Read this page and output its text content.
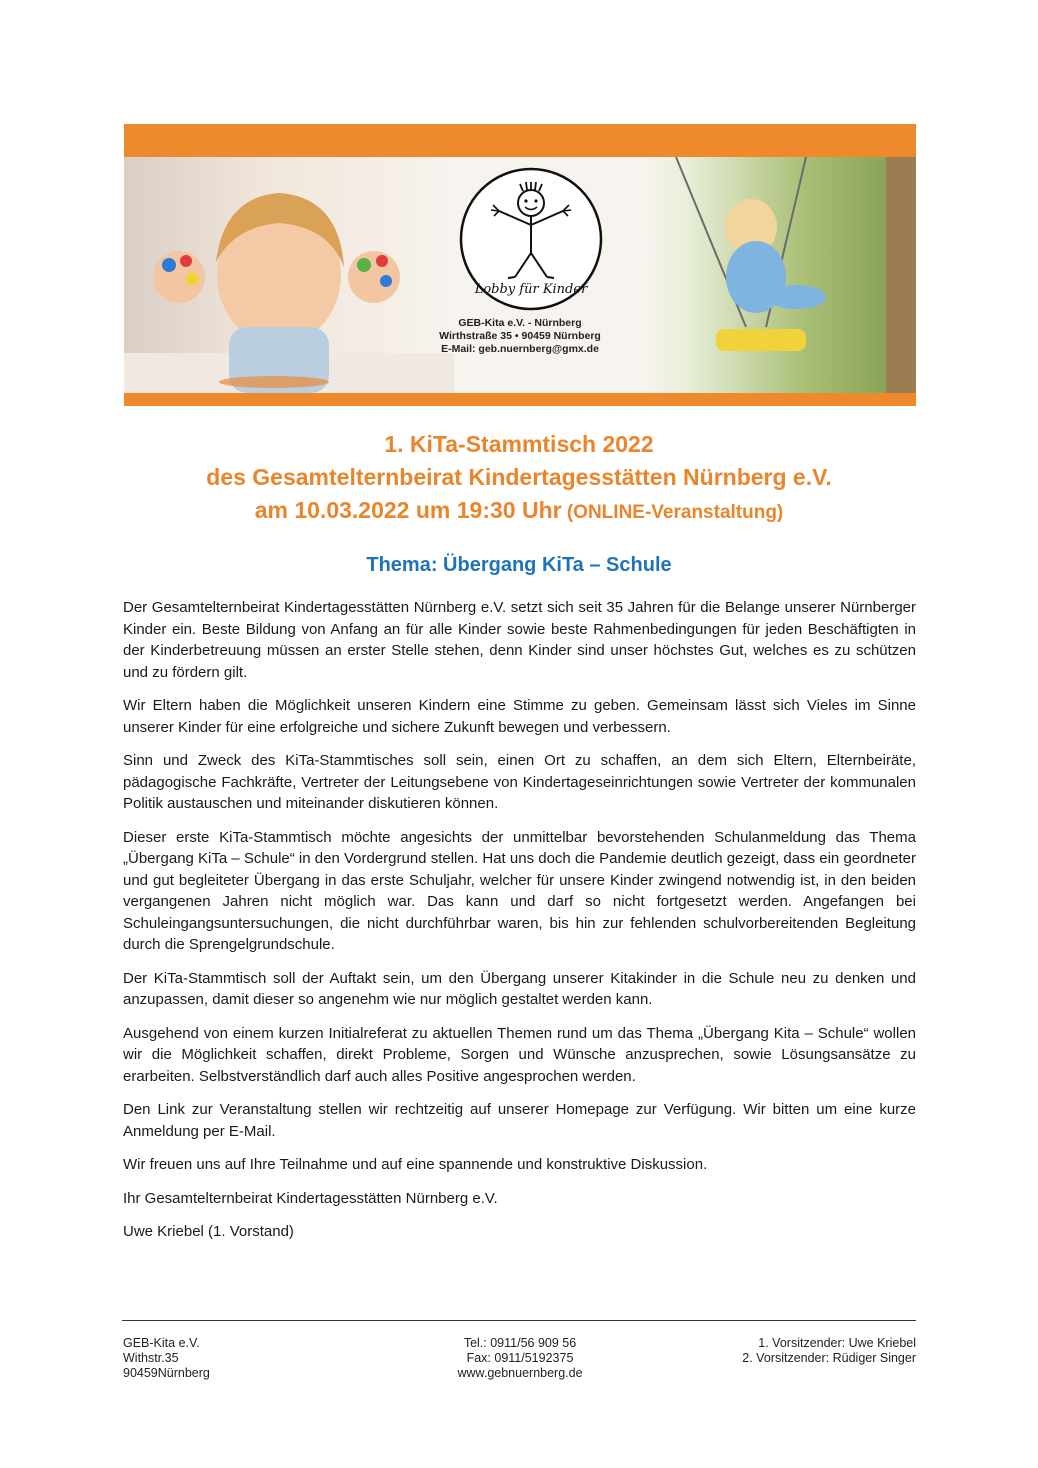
Lobby für Kinder
GEB-Kita e.V. - Nürnberg
Wirthstraße 35 • 90459 Nürnberg
E-Mail: geb.nuernberg@gmx.de

1. KiTa-Stammtisch 2022

des Gesamtelternbeirat Kindertagesstätten Nürnberg e.V.

am 10.03.2022 um 19:30 Uhr (ONLINE-Veranstaltung)

Thema: Übergang KiTa – Schule

Der Gesamtelternbeirat Kindertagesstätten Nürnberg e.V. setzt sich seit 35 Jahren für die Belange unserer Nürnberger Kinder ein. Beste Bildung von Anfang an für alle Kinder sowie beste Rahmenbedingungen für jeden Beschäftigten in der Kinderbetreuung müssen an erster Stelle stehen, denn Kinder sind unser höchstes Gut, welches es zu schützen und zu fördern gilt.

Wir Eltern haben die Möglichkeit unseren Kindern eine Stimme zu geben. Gemeinsam lässt sich Vieles im Sinne unserer Kinder für eine erfolgreiche und sichere Zukunft bewegen und verbessern.

Sinn und Zweck des KiTa-Stammtisches soll sein, einen Ort zu schaffen, an dem sich Eltern, Elternbeiräte, pädagogische Fachkräfte, Vertreter der Leitungsebene von Kindertageseinrichtungen sowie Vertreter der kommunalen Politik austauschen und miteinander diskutieren können.

Dieser erste KiTa-Stammtisch möchte angesichts der unmittelbar bevorstehenden Schulanmeldung das Thema „Übergang KiTa – Schule“ in den Vordergrund stellen. Hat uns doch die Pandemie deutlich gezeigt, dass ein geordneter und gut begleiteter Übergang in das erste Schuljahr, welcher für unsere Kinder zwingend notwendig ist, in den beiden vergangenen Jahren nicht möglich war. Das kann und darf so nicht fortgesetzt werden. Angefangen bei Schuleingangsuntersuchungen, die nicht durchführbar waren, bis hin zur fehlenden schulvorbereitenden Begleitung durch die Sprengelgrundschule.

Der KiTa-Stammtisch soll der Auftakt sein, um den Übergang unserer Kitakinder in die Schule neu zu denken und anzupassen, damit dieser so angenehm wie nur möglich gestaltet werden kann.

Ausgehend von einem kurzen Initialreferat zu aktuellen Themen rund um das Thema „Übergang Kita – Schule“ wollen wir die Möglichkeit schaffen, direkt Probleme, Sorgen und Wünsche anzusprechen, sowie Lösungsansätze zu erarbeiten. Selbstverständlich darf auch alles Positive angesprochen werden.

Den Link zur Veranstaltung stellen wir rechtzeitig auf unserer Homepage zur Verfügung. Wir bitten um eine kurze Anmeldung per E-Mail.

Wir freuen uns auf Ihre Teilnahme und auf eine spannende und konstruktive Diskussion.

Ihr Gesamtelternbeirat Kindertagesstätten Nürnberg e.V.

Uwe Kriebel (1. Vorstand)

GEB-Kita e.V.
Withstr.35
90459Nürnberg
Tel.: 0911/56 909 56
Fax: 0911/5192375
www.gebnuernberg.de
1. Vorsitzender: Uwe Kriebel
2. Vorsitzender: Rüdiger Singer
